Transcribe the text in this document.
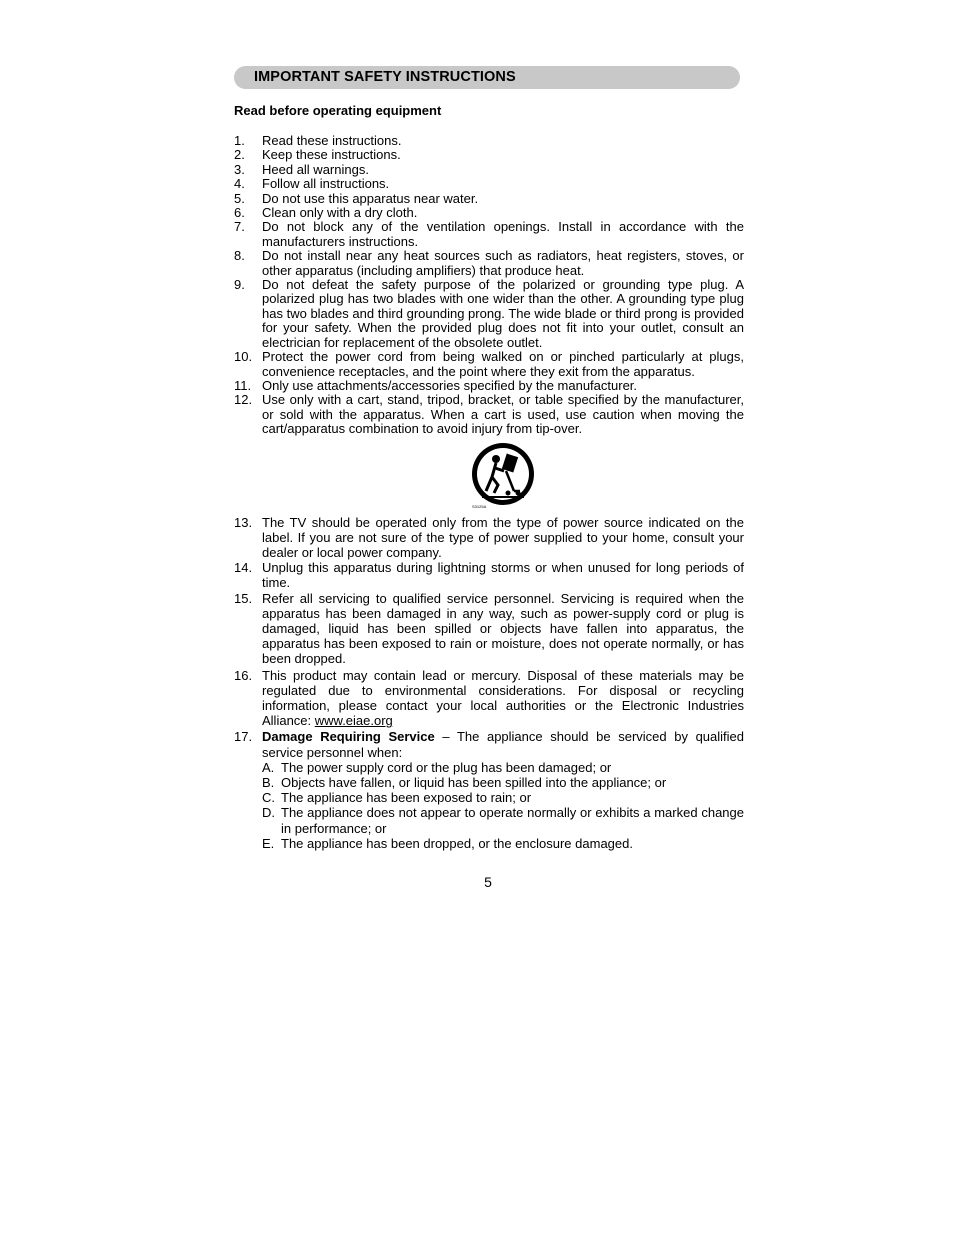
IMPORTANT SAFETY INSTRUCTIONS
Read before operating equipment
1.	Read these instructions.
2.	Keep these instructions.
3.	Heed all warnings.
4.	Follow all instructions.
5.	Do not use this apparatus near water.
6.	Clean only with a dry cloth.
7.	Do not block any of the ventilation openings. Install in accordance with the manufacturers instructions.
8.	Do not install near any heat sources such as radiators, heat registers, stoves, or other apparatus (including amplifiers) that produce heat.
9.	Do not defeat the safety purpose of the polarized or grounding type plug. A polarized plug has two blades with one wider than the other. A grounding type plug has two blades and third grounding prong. The wide blade or third prong is provided for your safety. When the provided plug does not fit into your outlet, consult an electrician for replacement of the obsolete outlet.
10. Protect the power cord from being walked on or pinched particularly at plugs, convenience receptacles, and the point where they exit from the apparatus.
11. Only use attachments/accessories specified by the manufacturer.
12. Use only with a cart, stand, tripod, bracket, or table specified by the manufacturer, or sold with the apparatus. When a cart is used, use caution when moving the cart/apparatus combination to avoid injury from tip-over.
S3125A
13. The TV should be operated only from the type of power source indicated on the label. If you are not sure of the type of power supplied to your home, consult your dealer or local power company.
14. Unplug this apparatus during lightning storms or when unused for long periods of time.
15. Refer all servicing to qualified service personnel. Servicing is required when the apparatus has been damaged in any way, such as power-supply cord or plug is damaged, liquid has been spilled or objects have fallen into apparatus, the apparatus has been exposed to rain or moisture, does not operate normally, or has been dropped.
16. This product may contain lead or mercury. Disposal of these materials may be regulated due to environmental considerations. For disposal or recycling information, please contact your local authorities or the Electronic Industries Alliance: www.eiae.org
17. Damage Requiring Service – The appliance should be serviced by qualified service personnel when:
A. The power supply cord or the plug has been damaged; or
B. Objects have fallen, or liquid has been spilled into the appliance; or
C. The appliance has been exposed to rain; or
D. The appliance does not appear to operate normally or exhibits a marked change in performance; or
E. The appliance has been dropped, or the enclosure damaged.
5
